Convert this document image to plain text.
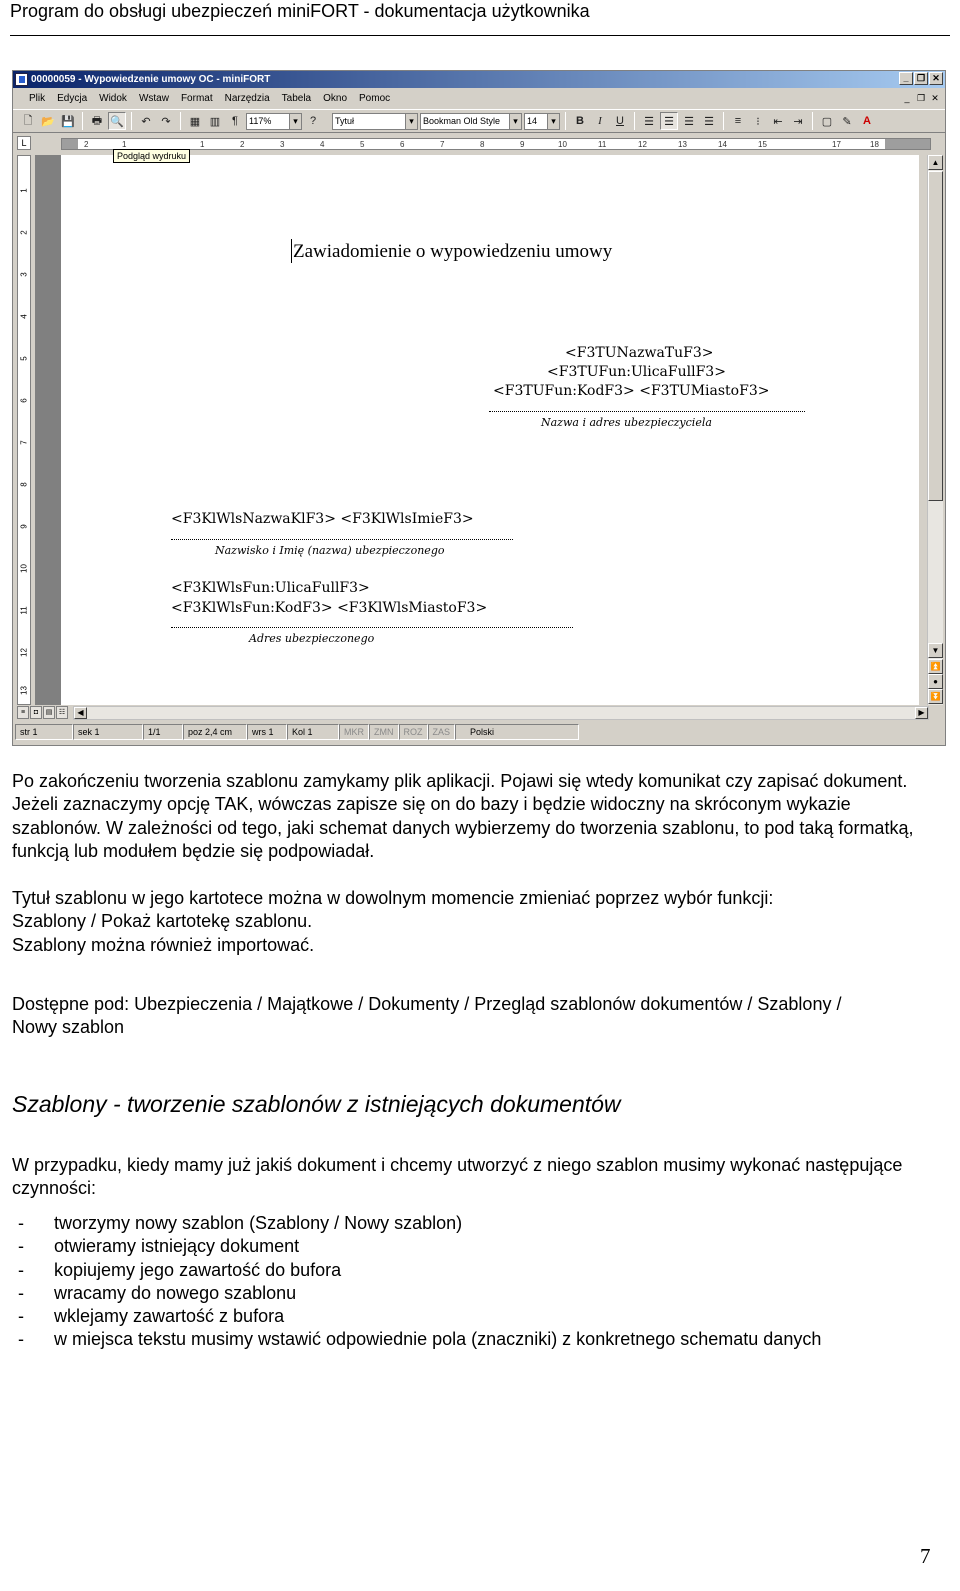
Program do obsługi ubezpieczeń miniFORT - dokumentacja użytkownika
00000059 - Wypowiedzenie umowy OC - miniFORT	_ ❐ ✕
Plik	Edycja	Widok	Wstaw	Format	Narzędzia	Tabela	Okno	Pomoc	_ ❐ ✕
🗋 📂 💾	🖶 🔍	↶ ↷	▦ ▥	¶	117% ▾	?	Tytuł ▾	Bookman Old Style ▾	14 ▾	B	I	U	☰ ☰ ☰ ☰	≡	⁝	⇤ ⇥	▢ ✎	A
L	2	1	1	2	3	4	5	6	7	8	9	10	11	12	13	14	15	17	18
Podgląd wydruku
1
2
3
4
5
6
7
8
9
10
11
12
13
Zawiadomienie o wypowiedzeniu umowy
<F3TUNazwaTuF3>
<F3TUFun:UlicaFullF3>
<F3TUFun:KodF3> <F3TUMiastoF3>
Nazwa i adres ubezpieczyciela
<F3KlWlsNazwaKlF3> <F3KlWlsImieF3>
Nazwisko i Imię (nazwa) ubezpieczonego
<F3KlWlsFun:UlicaFullF3>
<F3KlWlsFun:KodF3> <F3KlWlsMiastoF3>
Adres ubezpieczonego
▲
▼
⏫
●
⏬
≡	◘	▤ ☷	◀	▶
str 1	sek 1	1/1	poz 2,4 cm	wrs 1	Kol 1	MKR	ZMN	ROZ	ZAS	Polski
Po zakończeniu tworzenia szablonu zamykamy plik aplikacji. Pojawi się wtedy komunikat czy zapisać dokument. Jeżeli zaznaczymy opcję TAK, wówczas zapisze się on do bazy i będzie widoczny na skróconym wykazie szablonów. W zależności od tego, jaki schemat danych wybierzemy do tworzenia szablonu, to pod taką formatką, funkcją lub modułem będzie się podpowiadał.
Tytuł szablonu w jego kartotece można w dowolnym momencie zmieniać poprzez wybór funkcji:
Szablony / Pokaż kartotekę szablonu.
Szablony można również importować.
Dostępne pod: Ubezpieczenia / Majątkowe / Dokumenty / Przegląd szablonów dokumentów / Szablony / Nowy szablon
Szablony - tworzenie szablonów z istniejących dokumentów
W przypadku, kiedy mamy już jakiś dokument i chcemy utworzyć z niego szablon musimy wykonać następujące czynności:
-	tworzymy nowy szablon (Szablony / Nowy szablon)
-	otwieramy istniejący dokument
-	kopiujemy jego zawartość do bufora
-	wracamy do nowego szablonu
-	wklejamy zawartość z bufora
-	w miejsca tekstu musimy wstawić odpowiednie pola (znaczniki) z konkretnego schematu danych
7
